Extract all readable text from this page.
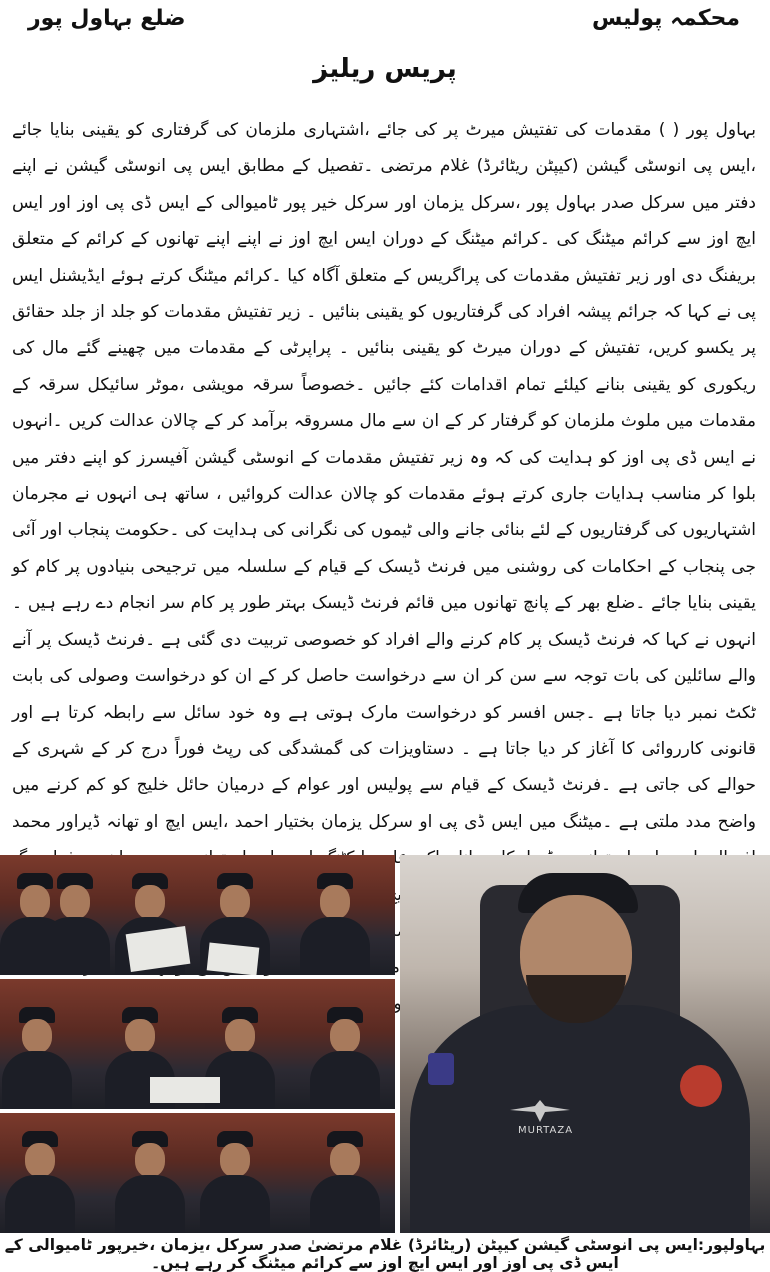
ضلع بہاول پور	محکمہ پولیس
پریس ریلیز

بہاول پور ( ) مقدمات کی تفتیش میرٹ پر کی جائے ،اشتہاری ملزمان کی گرفتاری کو یقینی بنایا جائے ،ایس پی انوسٹی گیشن (کیپٹن ریٹائرڈ) غلام مرتضی ۔تفصیل کے مطابق ایس پی انوسٹی گیشن نے اپنے دفتر میں سرکل صدر بہاول پور ،سرکل یزمان اور سرکل خیر پور ٹامیوالی کے ایس ڈی پی اوز اور ایس ایچ اوز سے کرائم میٹنگ کی ۔کرائم میٹنگ کے دوران ایس ایچ اوز نے اپنے اپنے تھانوں کے کرائم کے متعلق بریفنگ دی اور زیر تفتیش مقدمات کی پراگریس کے متعلق آگاہ کیا ۔کرائم میٹنگ کرتے ہوئے ایڈیشنل ایس پی نے کہا کہ جرائم پیشہ افراد کی گرفتاریوں کو یقینی بنائیں ۔ زیر تفتیش مقدمات کو جلد از جلد حقائق پر یکسو کریں، تفتیش کے دوران میرٹ کو یقینی بنائیں ۔ پراپرٹی کے مقدمات میں چھینے گئے مال کی ریکوری کو یقینی بنانے کیلئے تمام اقدامات کئے جائیں ۔خصوصاً سرقہ مویشی ،موٹر سائیکل سرقہ کے مقدمات میں ملوث ملزمان کو گرفتار کر کے ان سے مال مسروقہ برآمد کر کے چالان عدالت کریں ۔انہوں نے ایس ڈی پی اوز کو ہدایت کی کہ وہ زیر تفتیش مقدمات کے انوسٹی گیشن آفیسرز کو اپنے دفتر میں بلوا کر مناسب ہدایات جاری کرتے ہوئے مقدمات کو چالان عدالت کروائیں ، ساتھ ہی انہوں نے مجرمان اشتہاریوں کی گرفتاریوں کے لئے بنائی جانے والی ٹیموں کی نگرانی کی ہدایت کی ۔حکومت پنجاب اور آئی جی پنجاب کے احکامات کی روشنی میں فرنٹ ڈیسک کے قیام کے سلسلہ میں ترجیحی بنیادوں پر کام کو یقینی بنایا جائے ۔ضلع بھر کے پانچ تھانوں میں قائم فرنٹ ڈیسک بہتر طور پر کام سر انجام دے رہے ہیں ۔انہوں نے کہا کہ فرنٹ ڈیسک پر کام کرنے والے افراد کو خصوصی تربیت دی گئی ہے ۔فرنٹ ڈیسک پر آنے والے سائلین کی بات توجہ سے سن کر ان سے درخواست حاصل کر کے ان کو درخواست وصولی کی بابت ٹکٹ نمبر دیا جاتا ہے ۔جس افسر کو درخواست مارک ہوتی ہے وہ خود سائل سے رابطہ کرتا ہے اور قانونی کارروائی کا آغاز کر دیا جاتا ہے ۔ دستاویزات کی گمشدگی کی رپٹ فوراً درج کر کے شہری کے حوالے کی جاتی ہے ۔فرنٹ ڈیسک کے قیام سے پولیس اور عوام کے درمیان حائل خلیج کو کم کرنے میں واضح مدد ملتی ہے ۔میٹنگ میں ایس ڈی پی او سرکل یزمان بختیار احمد ،ایس ایچ او تھانہ ڈیراور محمد ایچ صدر اور

MURTAZA
بہاولپور:ایس پی انوسٹی گیشن کیپٹن (ریٹائرڈ) غلام مرتضیٰ صدر سرکل ،یزمان ،خیرپور ٹامیوالی کے ایس ڈی پی اوز اور ایس ایچ اوز سے کرائم میٹنگ کر رہے ہیں۔
